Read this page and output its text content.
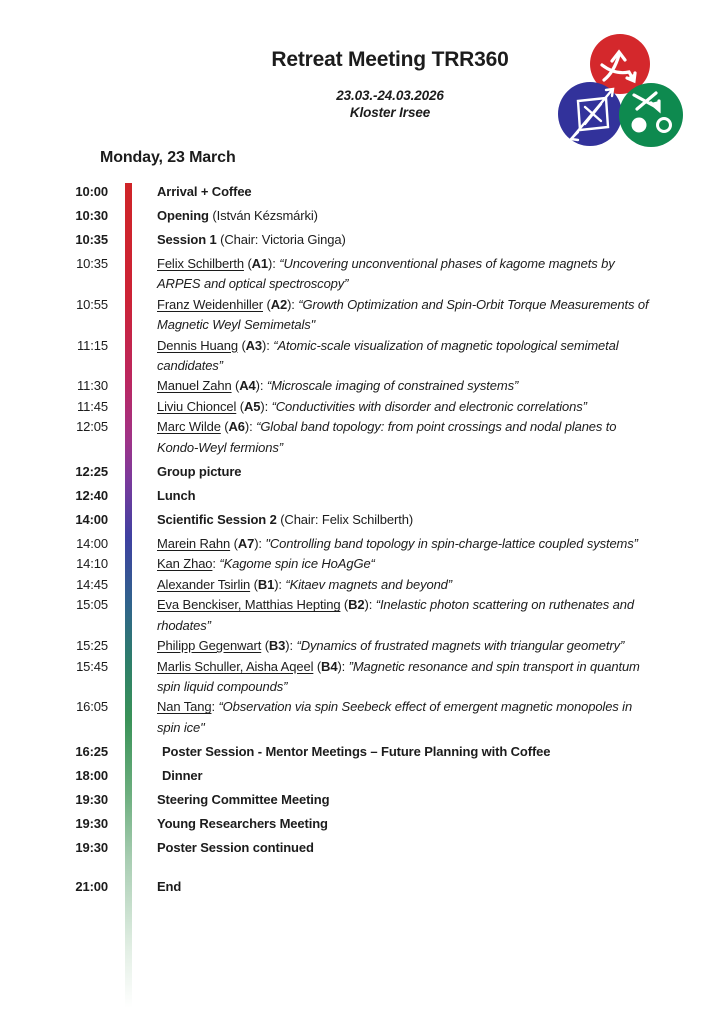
Retreat Meeting TRR360
23.03.-24.03.2026
Kloster Irsee
Monday, 23 March
10:00	Arrival + Coffee
10:30	Opening (István Kézsmárki)
10:35	Session 1 (Chair: Victoria Ginga)
10:35	Felix Schilberth (A1): “Uncovering unconventional phases of kagome magnets by ARPES and optical spectroscopy”
10:55	Franz Weidenhiller (A2): “Growth Optimization and Spin-Orbit Torque Measurements of Magnetic Weyl Semimetals"
11:15	Dennis Huang (A3): “Atomic-scale visualization of magnetic topological semimetal candidates”
11:30	Manuel Zahn (A4): “Microscale imaging of constrained systems”
11:45	Liviu Chioncel (A5): “Conductivities with disorder and electronic correlations”
12:05	Marc Wilde (A6): “Global band topology: from point crossings and nodal planes to Kondo-Weyl fermions”
12:25	Group picture
12:40	Lunch
14:00	Scientific Session 2 (Chair: Felix Schilberth)
14:00	Marein Rahn (A7): "Controlling band topology in spin-charge-lattice coupled systems”
14:10	Kan Zhao: “Kagome spin ice HoAgGe“
14:45	Alexander Tsirlin (B1): “Kitaev magnets and beyond”
15:05	Eva Benckiser, Matthias Hepting (B2): “Inelastic photon scattering on ruthenates and rhodates”
15:25	Philipp Gegenwart (B3): “Dynamics of frustrated magnets with triangular geometry”
15:45	Marlis Schuller, Aisha Aqeel (B4): ”Magnetic resonance and spin transport in quantum spin liquid compounds”
16:05	Nan Tang: “Observation via spin Seebeck effect of emergent magnetic monopoles in spin ice"
16:25	Poster Session - Mentor Meetings – Future Planning with Coffee
18:00	Dinner
19:30	Steering Committee Meeting
19:30	Young Researchers Meeting
19:30	Poster Session continued
21:00	End
